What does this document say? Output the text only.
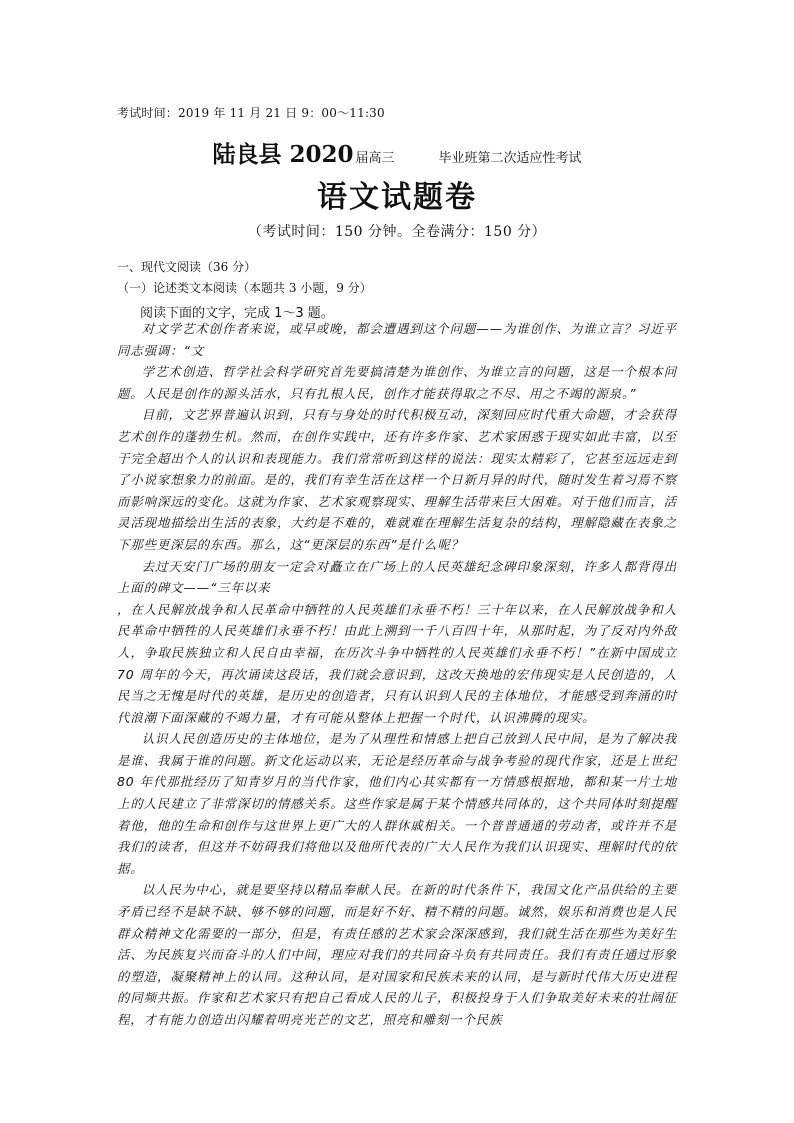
考试时间：2019 年 11 月 21 日 9：00～11:30
陆良县 2020 届高三	毕业班第二次适应性考试
语文试题卷
（考试时间：150 分钟。全卷满分：150 分）
一、现代文阅读（36 分）
（一）论述类文本阅读（本题共 3 小题，9 分）
阅读下面的文字，完成 1～3 题。

对文学艺术创作者来说，或早或晚，都会遭遇到这个问题——为谁创作、为谁立言？习近平同志强调：“文

学艺术创造、哲学社会科学研究首先要搞清楚为谁创作、为谁立言的问题，这是一个根本问题。人民是创作的源头活水，只有扎根人民，创作才能获得取之不尽、用之不竭的源泉。”

目前，文艺界普遍认识到，只有与身处的时代积极互动，深刻回应时代重大命题，才会获得艺术创作的蓬勃生机。然而，在创作实践中，还有许多作家、艺术家困惑于现实如此丰富，以至于完全超出个人的认识和表现能力。我们常常听到这样的说法：现实太精彩了，它甚至远远走到了小说家想象力的前面。是的，我们有幸生活在这样一个日新月异的时代，随时发生着习焉不察而影响深远的变化。这就为作家、艺术家观察现实、理解生活带来巨大困难。对于他们而言，活灵活现地描绘出生活的表象，大约是不难的，难就难在理解生活复杂的结构，理解隐藏在表象之下那些更深层的东西。那么，这“更深层的东西”是什么呢？

去过天安门广场的朋友一定会对矗立在广场上的人民英雄纪念碑印象深刻，许多人都背得出上面的碑文——“三年以来

，在人民解放战争和人民革命中牺牲的人民英雄们永垂不朽！三十年以来，在人民解放战争和人民革命中牺牲的人民英雄们永垂不朽！由此上溯到一千八百四十年，从那时起，为了反对内外敌人，争取民族独立和人民自由幸福，在历次斗争中牺牲的人民英雄们永垂不朽！”在新中国成立 70 周年的今天，再次诵读这段话，我们就会意识到，这改天换地的宏伟现实是人民创造的，人民当之无愧是时代的英雄，是历史的创造者，只有认识到人民的主体地位，才能感受到奔涌的时代浪潮下面深藏的不竭力量，才有可能从整体上把握一个时代，认识沸腾的现实。

认识人民创造历史的主体地位，是为了从理性和情感上把自己放到人民中间，是为了解决我是谁、我属于谁的问题。新文化运动以来，无论是经历革命与战争考验的现代作家，还是上世纪 80 年代那批经历了知青岁月的当代作家，他们内心其实都有一方情感根据地，都和某一片土地上的人民建立了非常深切的情感关系。这些作家是属于某个情感共同体的，这个共同体时刻提醒着他，他的生命和创作与这世界上更广大的人群休戚相关。一个普普通通的劳动者，或许并不是我们的读者，但这并不妨碍我们将他以及他所代表的广大人民作为我们认识现实、理解时代的依据。

以人民为中心，就是要坚持以精品奉献人民。在新的时代条件下，我国文化产品供给的主要矛盾已经不是缺不缺、够不够的问题，而是好不好、精不精的问题。诚然，娱乐和消费也是人民群众精神文化需要的一部分，但是，有责任感的艺术家会深深感到，我们就生活在那些为美好生活、为民族复兴而奋斗的人们中间，理应对我们的共同奋斗负有共同责任。我们有责任通过形象的塑造，凝聚精神上的认同。这种认同，是对国家和民族未来的认同，是与新时代伟大历史进程的同频共振。作家和艺术家只有把自己看成人民的儿子，积极投身于人们争取美好未来的壮阔征程，才有能力创造出闪耀着明亮光芒的文艺，照亮和雕刻一个民族
